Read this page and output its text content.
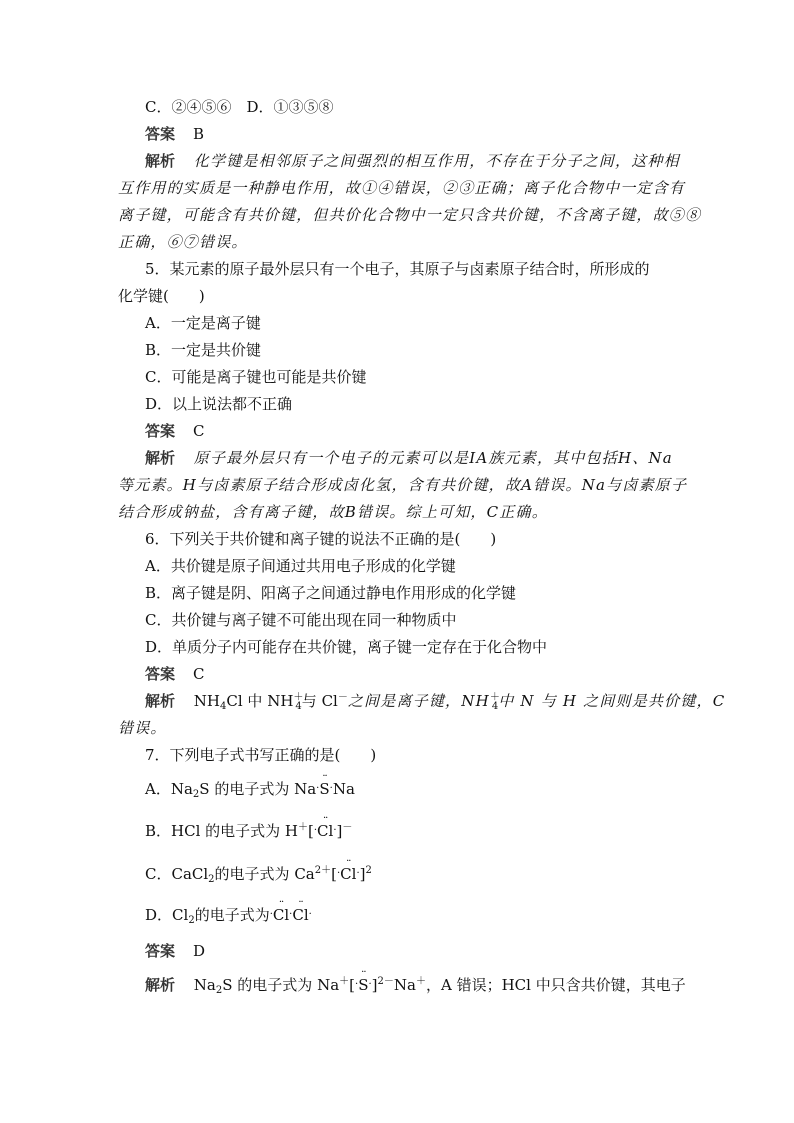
C．②④⑤⑥　D．①③⑤⑧
答案 B
解析 化学键是相邻原子之间强烈的相互作用，不存在于分子之间，这种相
互作用的实质是一种静电作用，故①④错误，②③正确；离子化合物中一定含有
离子键，可能含有共价键，但共价化合物中一定只含共价键，不含离子键，故⑤⑧
正确，⑥⑦错误。
5．某元素的原子最外层只有一个电子，其原子与卤素原子结合时，所形成的
化学键(　　)
A．一定是离子键
B．一定是共价键
C．可能是离子键也可能是共价键
D．以上说法都不正确
答案 C
解析 原子最外层只有一个电子的元素可以是ⅠA族元素，其中包括H、Na
等元素。H与卤素原子结合形成卤化氢，含有共价键，故A错误。Na与卤素原子
结合形成钠盐，含有离子键，故B错误。综上可知，C正确。
6．下列关于共价键和离子键的说法不正确的是(　　)
A．共价键是原子间通过共用电子形成的化学键
B．离子键是阴、阳离子之间通过静电作用形成的化学键
C．共价键与离子键不可能出现在同一种物质中
D．单质分子内可能存在共价键，离子键一定存在于化合物中
答案 C
解析 $NH_4Cl$ 中 $NH^+_4$与 Cl－之间是离子键，$NH^+_4$中 N 与 H 之间则是共价键，C
错误。
7．下列电子式书写正确的是(　　)
A．$Na_2S$ 的电子式为 Na··· S·Na
B．HCl 的电子式为 H＋[··· Cl·]－
C．CaCl$_2$的电子式为 $Ca^{2+}[^\cdot\cdot\cdot Cl^\cdot]^2$
D．$Cl_2$的电子式为··· Cl··· Cl·
答案 D
解析 $Na_2S$ 的电子式为 $Na^+[^\cdot\cdot\cdot S^\cdot]^{2-}Na^+$，A 错误；HCl 中只含共价键，其电子
